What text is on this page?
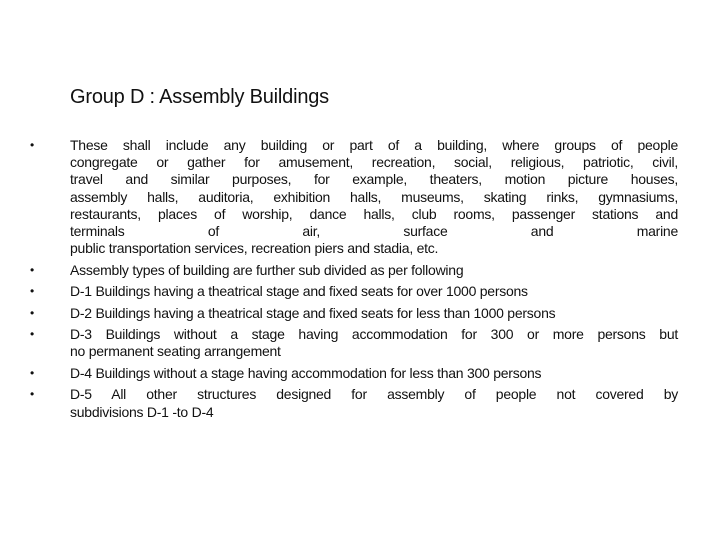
Group D : Assembly Buildings
•	These shall include any building or part of a building, where groups of people
congregate or gather for amusement, recreation, social, religious, patriotic, civil,
travel and similar purposes, for example, theaters, motion picture houses,
assembly halls, auditoria, exhibition halls, museums, skating rinks, gymnasiums,
restaurants, places of worship, dance halls, club rooms, passenger stations and
terminals of air, surface and marine
public transportation services, recreation piers and stadia, etc.
•	Assembly types of building are further sub divided as per following
•	D-1 Buildings having a theatrical stage and fixed seats for over 1000 persons
•	D-2 Buildings having a theatrical stage and fixed seats for less than 1000 persons
•	D-3 Buildings without a stage having accommodation for 300 or more persons but
no permanent seating arrangement
•	D-4 Buildings without a stage having accommodation for less than 300 persons
•	D-5 All other structures designed for assembly of people not covered by
subdivisions D-1 -to D-4
